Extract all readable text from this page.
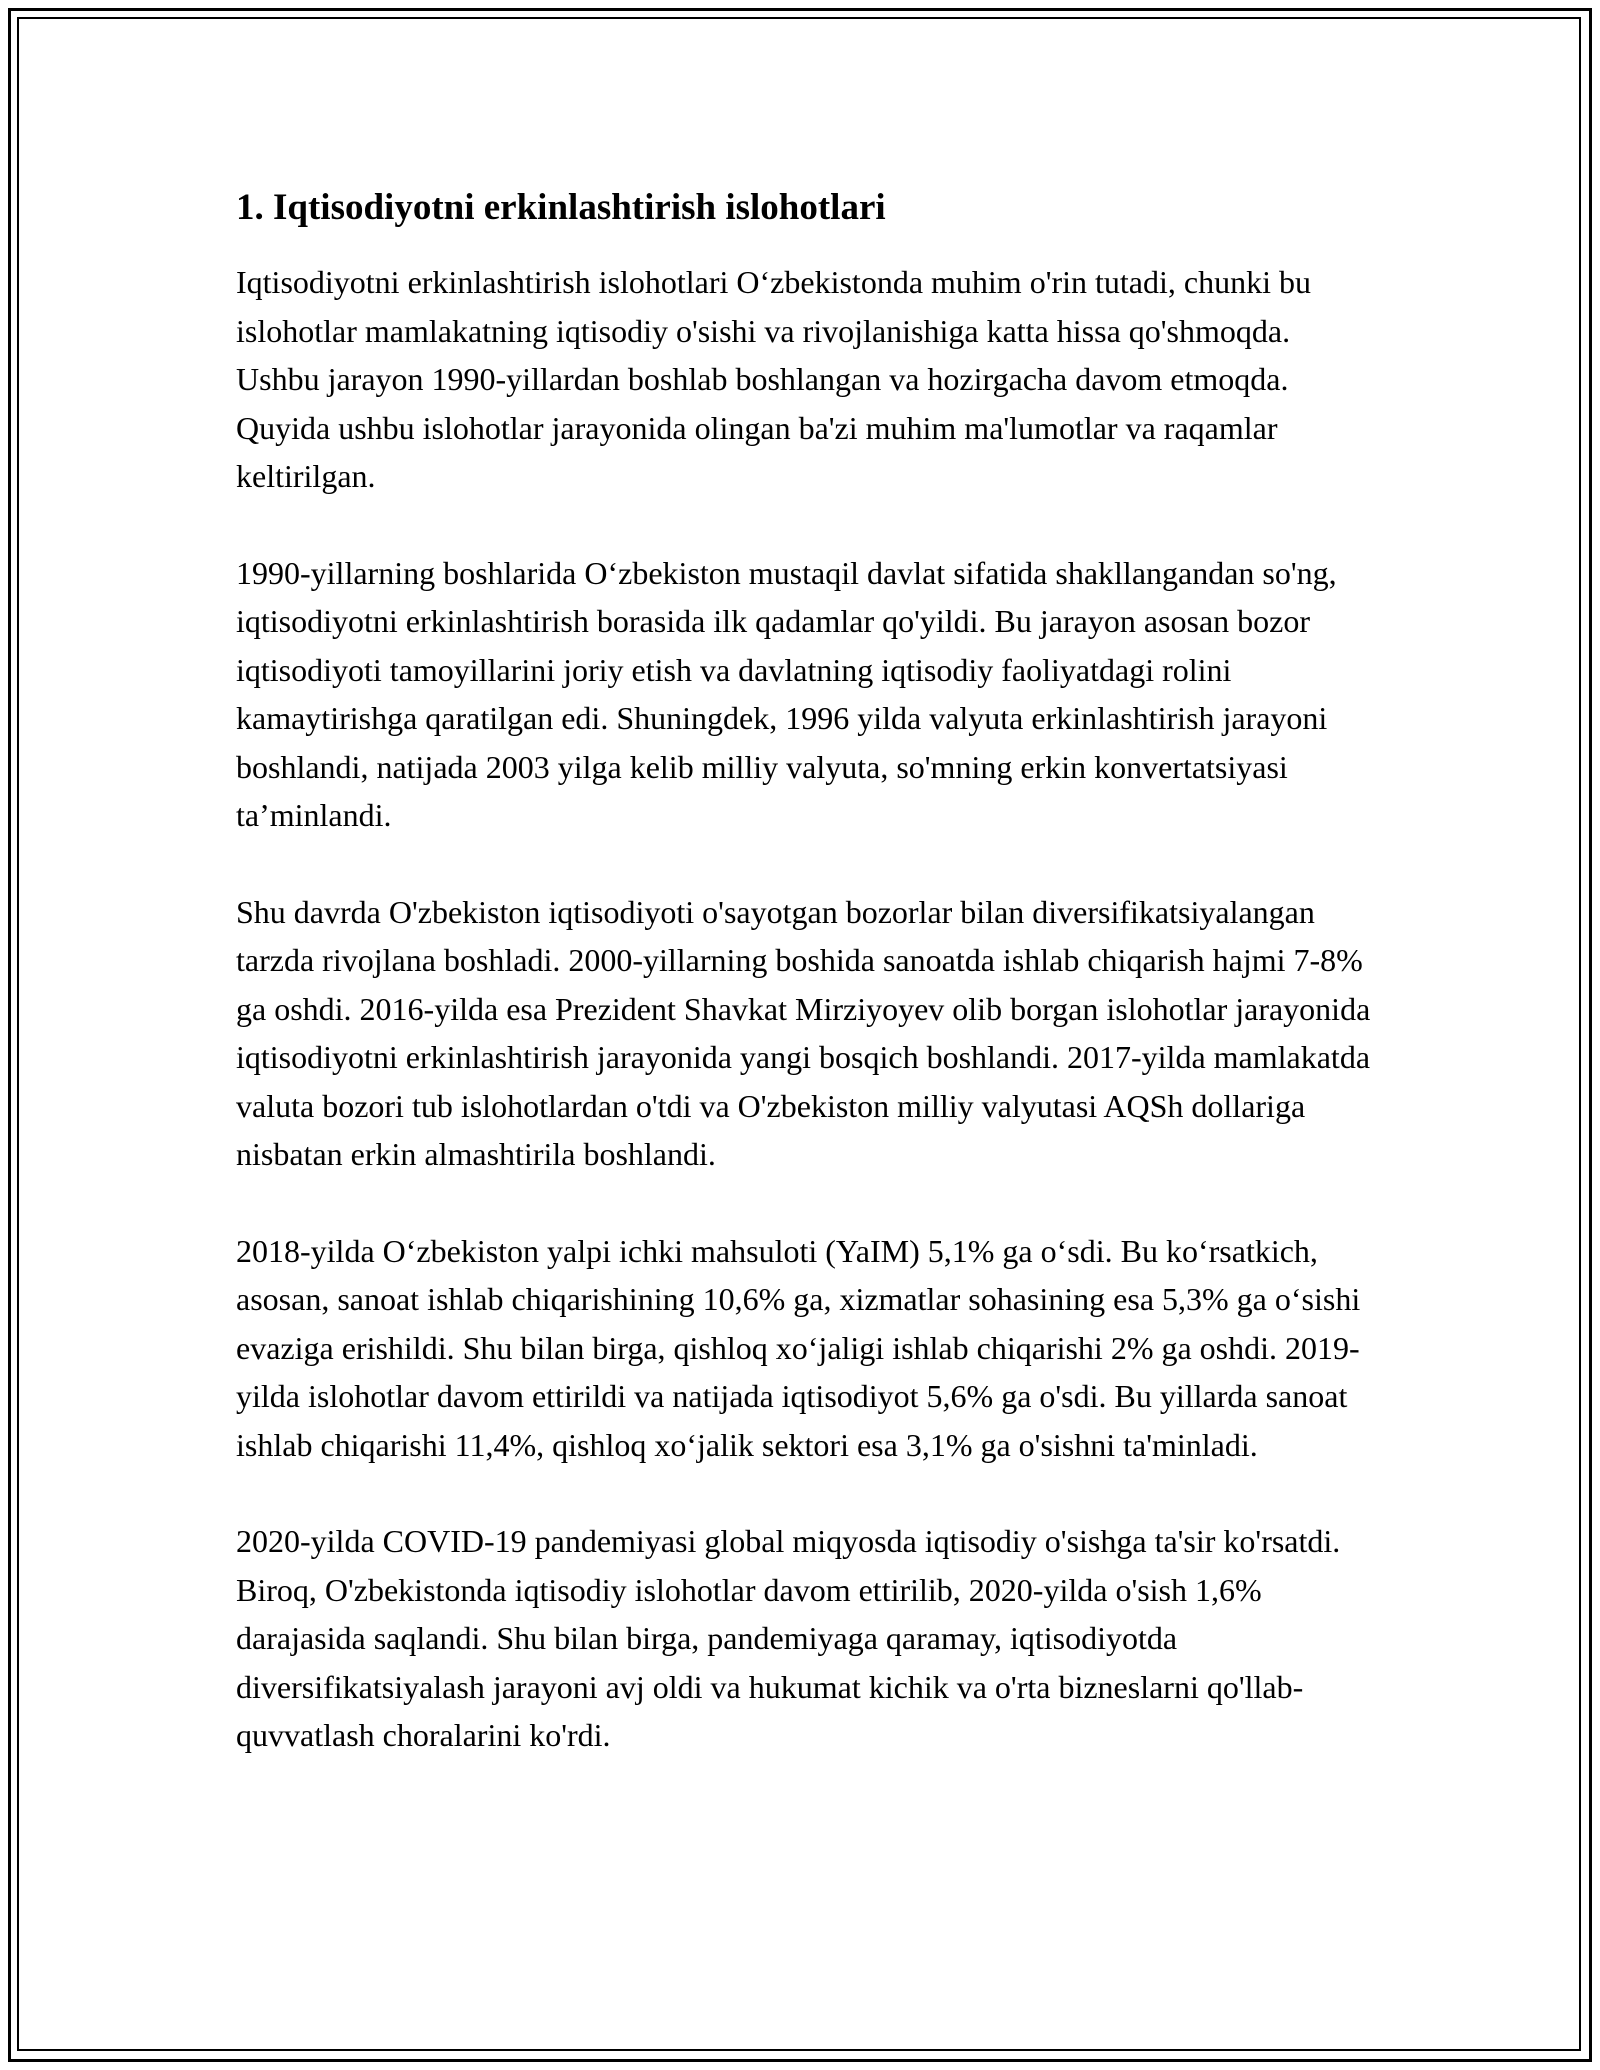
1. Iqtisodiyotni erkinlashtirish islohotlari

Iqtisodiyotni erkinlashtirish islohotlari O‘zbekistonda muhim o'rin tutadi, chunki bu islohotlar mamlakatning iqtisodiy o'sishi va rivojlanishiga katta hissa qo'shmoqda. Ushbu jarayon 1990-yillardan boshlab boshlangan va hozirgacha davom etmoqda. Quyida ushbu islohotlar jarayonida olingan ba'zi muhim ma'lumotlar va raqamlar keltirilgan.

1990-yillarning boshlarida O‘zbekiston mustaqil davlat sifatida shakllangandan so'ng, iqtisodiyotni erkinlashtirish borasida ilk qadamlar qo'yildi. Bu jarayon asosan bozor iqtisodiyoti tamoyillarini joriy etish va davlatning iqtisodiy faoliyatdagi rolini kamaytirishga qaratilgan edi. Shuningdek, 1996 yilda valyuta erkinlashtirish jarayoni boshlandi, natijada 2003 yilga kelib milliy valyuta, so'mning erkin konvertatsiyasi ta’minlandi.

Shu davrda O'zbekiston iqtisodiyoti o'sayotgan bozorlar bilan diversifikatsiyalangan tarzda rivojlana boshladi. 2000-yillarning boshida sanoatda ishlab chiqarish hajmi 7-8% ga oshdi. 2016-yilda esa Prezident Shavkat Mirziyoyev olib borgan islohotlar jarayonida iqtisodiyotni erkinlashtirish jarayonida yangi bosqich boshlandi. 2017-yilda mamlakatda valuta bozori tub islohotlardan o'tdi va O'zbekiston milliy valyutasi AQSh dollariga nisbatan erkin almashtirila boshlandi.

2018-yilda O‘zbekiston yalpi ichki mahsuloti (YaIM) 5,1% ga o‘sdi. Bu ko‘rsatkich, asosan, sanoat ishlab chiqarishining 10,6% ga, xizmatlar sohasining esa 5,3% ga o‘sishi evaziga erishildi. Shu bilan birga, qishloq xo‘jaligi ishlab chiqarishi 2% ga oshdi. 2019-yilda islohotlar davom ettirildi va natijada iqtisodiyot 5,6% ga o'sdi. Bu yillarda sanoat ishlab chiqarishi 11,4%, qishloq xo‘jalik sektori esa 3,1% ga o'sishni ta'minladi.

2020-yilda COVID-19 pandemiyasi global miqyosda iqtisodiy o'sishga ta'sir ko'rsatdi. Biroq, O'zbekistonda iqtisodiy islohotlar davom ettirilib, 2020-yilda o'sish 1,6% darajasida saqlandi. Shu bilan birga, pandemiyaga qaramay, iqtisodiyotda diversifikatsiyalash jarayoni avj oldi va hukumat kichik va o'rta bizneslarni qo'llab-quvvatlash choralarini ko'rdi.
